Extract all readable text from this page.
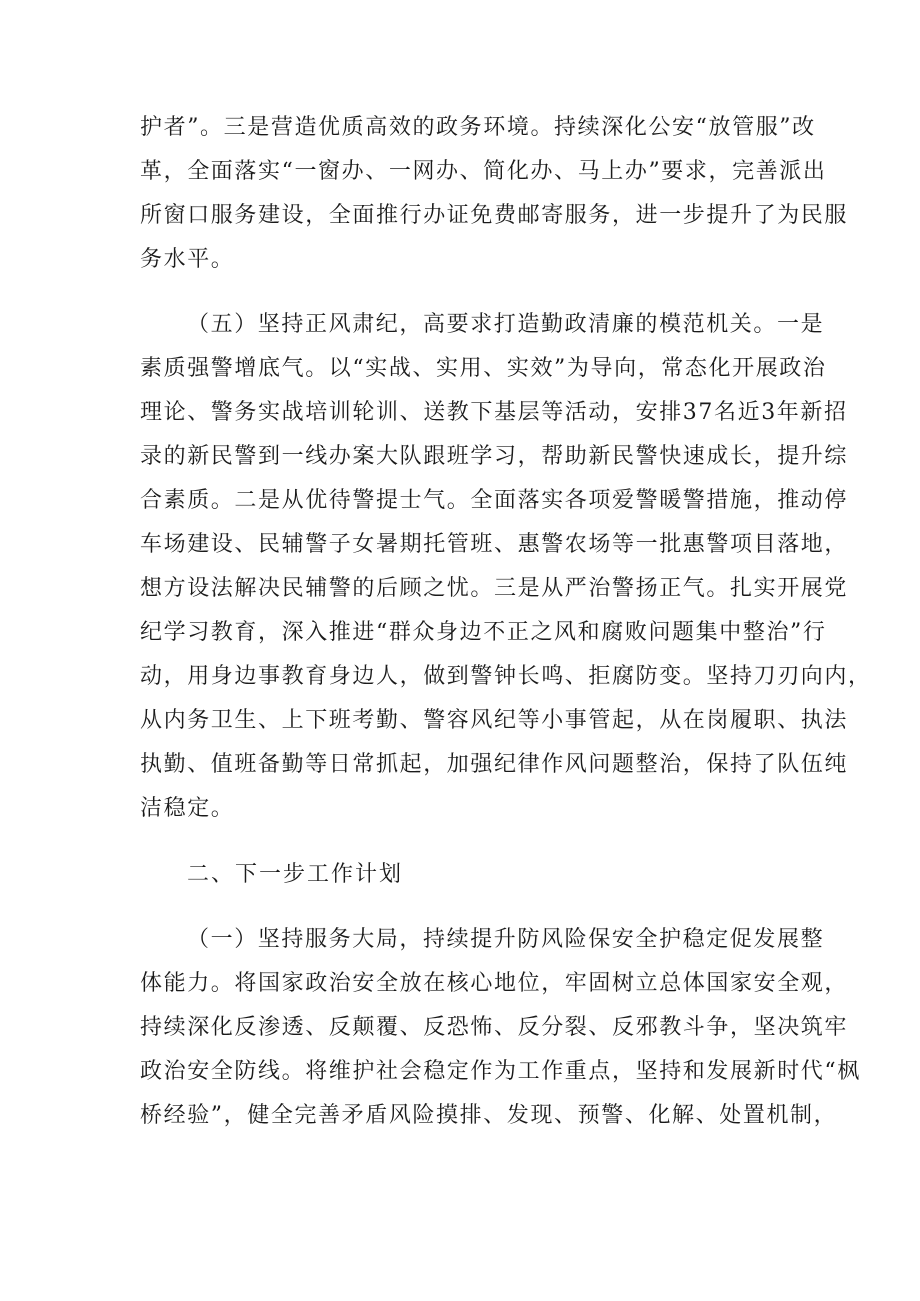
护者”。三是营造优质高效的政务环境。持续深化公安“放管服”改
革，全面落实“一窗办、一网办、简化办、马上办”要求，完善派出
所窗口服务建设，全面推行办证免费邮寄服务，进一步提升了为民服
务水平。
（五）坚持正风肃纪，高要求打造勤政清廉的模范机关。一是
素质强警增底气。以“实战、实用、实效”为导向，常态化开展政治
理论、警务实战培训轮训、送教下基层等活动，安排37名近3年新招
录的新民警到一线办案大队跟班学习，帮助新民警快速成长，提升综
合素质。二是从优待警提士气。全面落实各项爱警暖警措施，推动停
车场建设、民辅警子女暑期托管班、惠警农场等一批惠警项目落地，
想方设法解决民辅警的后顾之忧。三是从严治警扬正气。扎实开展党
纪学习教育，深入推进“群众身边不正之风和腐败问题集中整治”行
动，用身边事教育身边人，做到警钟长鸣、拒腐防变。坚持刀刃向内，
从内务卫生、上下班考勤、警容风纪等小事管起，从在岗履职、执法
执勤、值班备勤等日常抓起，加强纪律作风问题整治，保持了队伍纯
洁稳定。
二、下一步工作计划
（一）坚持服务大局，持续提升防风险保安全护稳定促发展整
体能力。将国家政治安全放在核心地位，牢固树立总体国家安全观，
持续深化反渗透、反颠覆、反恐怖、反分裂、反邪教斗争，坚决筑牢
政治安全防线。将维护社会稳定作为工作重点，坚持和发展新时代“枫
桥经验”，健全完善矛盾风险摸排、发现、预警、化解、处置机制，
